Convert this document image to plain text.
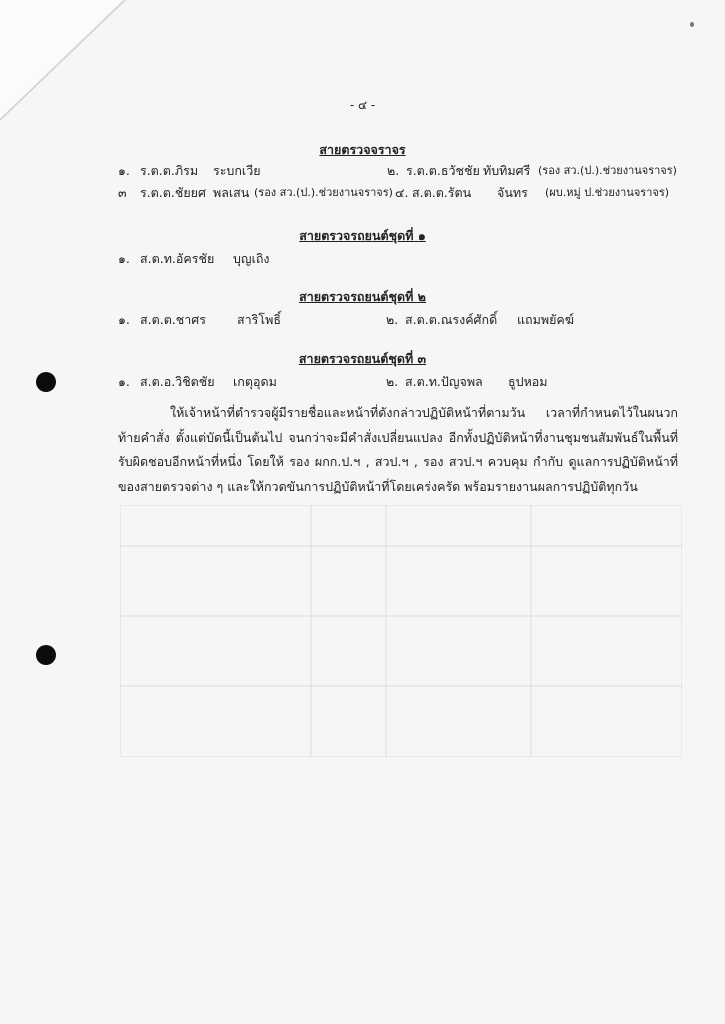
- ๔ -
สายตรวจจราจร
๑. ร.ต.ต.ภิรม ระบกเวีย	๒. ร.ต.ต.ธวัชชัย ทับทิมศรี (รอง สว.(ป.).ช่วยงานจราจร)
๓ ร.ต.ต.ชัยยศ พลเสน (รอง สว.(ป.).ช่วยงานจราจร) ๔. ส.ต.ต.รัตน จันทร (ผบ.หมู่ ป.ช่วยงานจราจร)
สายตรวจรถยนต์ชุดที่ ๑
๑. ส.ต.ท.อัครชัย บุญเถิง
สายตรวจรถยนต์ชุดที่ ๒
๑. ส.ต.ต.ชาศร สาริโพธิ์	๒. ส.ต.ต.ณรงค์ศักดิ์ แถมพยัคฆ์
สายตรวจรถยนต์ชุดที่ ๓
๑. ส.ต.อ.วิชิตชัย เกตุอุดม	๒. ส.ต.ท.ปัญจพล ธูปหอม

ให้เจ้าหน้าที่ตำรวจผู้มีรายชื่อและหน้าที่ดังกล่าวปฏิบัติหน้าที่ตามวัน เวลาที่กำหนดไว้ในผนวกท้ายคำสั่ง ตั้งแต่บัดนี้เป็นต้นไป จนกว่าจะมีคำสั่งเปลี่ยนแปลง อีกทั้งปฏิบัติหน้าที่งานชุมชนสัมพันธ์ในพื้นที่รับผิดชอบอีกหน้าที่หนึ่ง โดยให้ รอง ผกก.ป.ฯ , สวป.ฯ , รอง สวป.ฯ ควบคุม กำกับ ดูแลการปฏิบัติหน้าที่ของสายตรวจต่าง ๆ และให้กวดขันการปฏิบัติหน้าที่โดยเคร่งครัด พร้อมรายงานผลการปฏิบัติทุกวัน
